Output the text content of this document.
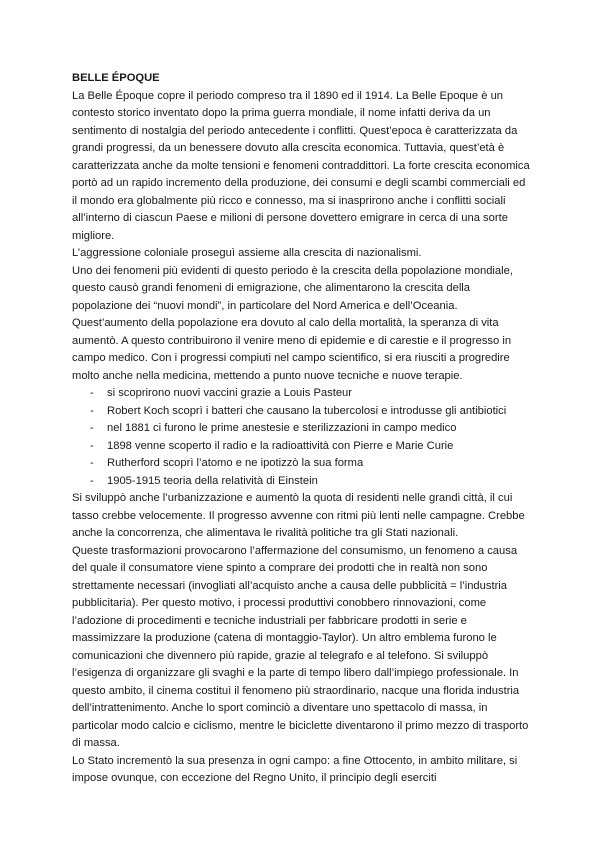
BELLE ÉPOQUE

La Belle Époque copre il periodo compreso tra il 1890 ed il 1914. La Belle Epoque è un contesto storico inventato dopo la prima guerra mondiale, il nome infatti deriva da un sentimento di nostalgia del periodo antecedente i conflitti. Quest’epoca è caratterizzata da grandi progressi, da un benessere dovuto alla crescita economica. Tuttavia, quest’età è caratterizzata anche da molte tensioni e fenomeni contraddittori. La forte crescita economica portò ad un rapido incremento della produzione, dei consumi e degli scambi commerciali ed il mondo era globalmente più ricco e connesso, ma si inasprirono anche i conflitti sociali all’interno di ciascun Paese e milioni di persone dovettero emigrare in cerca di una sorte migliore.

L’aggressione coloniale proseguì assieme alla crescita di nazionalismi.

Uno dei fenomeni più evidenti di questo periodo è la crescita della popolazione mondiale, questo causò grandi fenomeni di emigrazione, che alimentarono la crescita della popolazione dei “nuovi mondi”, in particolare del Nord America e dell’Oceania. Quest’aumento della popolazione era dovuto al calo della mortalità, la speranza di vita aumentò. A questo contribuirono il venire meno di epidemie e di carestie e il progresso in campo medico. Con i progressi compiuti nel campo scientifico, si era riusciti a progredire molto anche nella medicina, mettendo a punto nuove tecniche e nuove terapie.

- si scoprirono nuovi vaccini grazie a Louis Pasteur
- Robert Koch scoprì i batteri che causano la tubercolosi e introdusse gli antibiotici
- nel 1881 ci furono le prime anestesie e sterilizzazioni in campo medico
- 1898 venne scoperto il radio e la radioattività con Pierre e Marie Curie
- Rutherford scoprì l’atomo e ne ipotizzò la sua forma
- 1905-1915 teoria della relatività di Einstein

Si sviluppò anche l’urbanizzazione e aumentò la quota di residenti nelle grandi città, il cui tasso crebbe velocemente. Il progresso avvenne con ritmi più lenti nelle campagne. Crebbe anche la concorrenza, che alimentava le rivalità politiche tra gli Stati nazionali.

Queste trasformazioni provocarono l’affermazione del consumismo, un fenomeno a causa del quale il consumatore viene spinto a comprare dei prodotti che in realtà non sono strettamente necessari (invogliati all’acquisto anche a causa delle pubblicità = l’industria pubblicitaria). Per questo motivo, i processi produttivi conobbero rinnovazioni, come l’adozione di procedimenti e tecniche industriali per fabbricare prodotti in serie e massimizzare la produzione (catena di montaggio-Taylor). Un altro emblema furono le comunicazioni che divennero più rapide, grazie al telegrafo e al telefono. Si sviluppò l’esigenza di organizzare gli svaghi e la parte di tempo libero dall’impiego professionale. In questo ambito, il cinema costituì il fenomeno più straordinario, nacque una florida industria dell’intrattenimento. Anche lo sport cominciò a diventare uno spettacolo di massa, in particolar modo calcio e ciclismo, mentre le biciclette diventarono il primo mezzo di trasporto di massa.

Lo Stato incrementò la sua presenza in ogni campo: a fine Ottocento, in ambito militare, si impose ovunque, con eccezione del Regno Unito, il principio degli eserciti
